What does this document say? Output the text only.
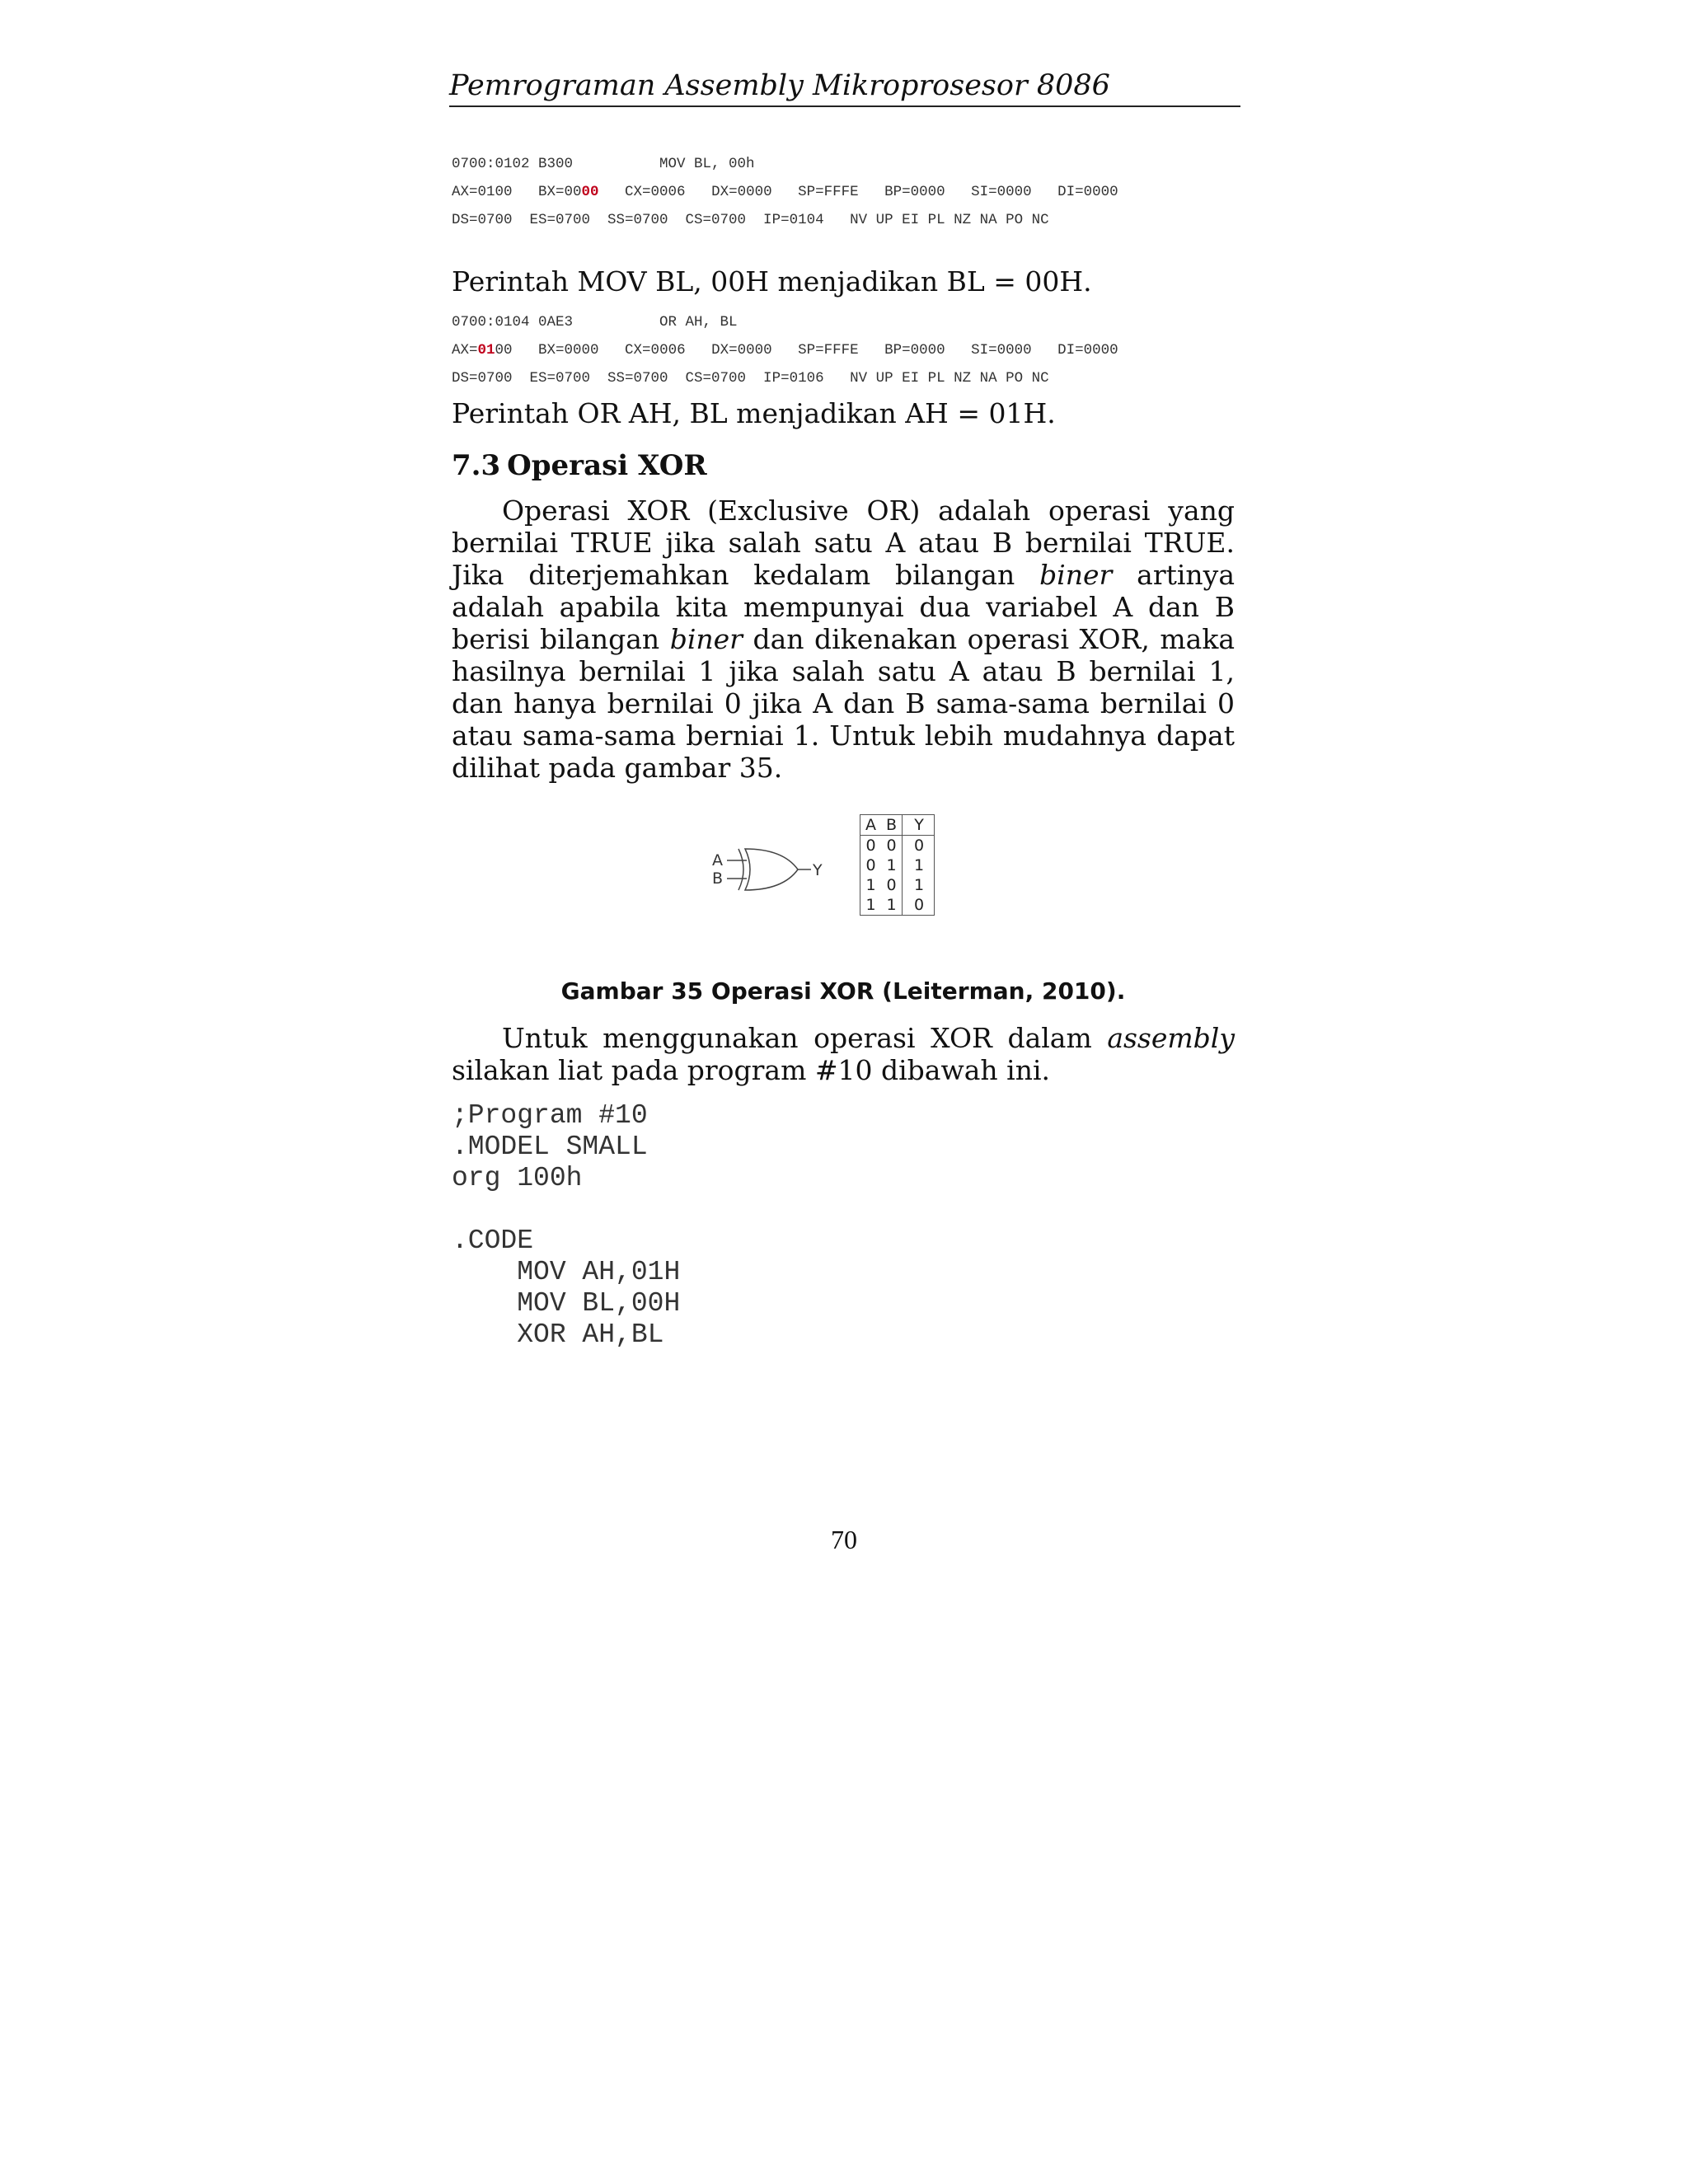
Pemrograman Assembly Mikroprosesor 8086
0700:0102 B300          MOV BL, 00h
AX=0100   BX=0000   CX=0006   DX=0000   SP=FFFE   BP=0000   SI=0000   DI=0000
DS=0700  ES=0700  SS=0700  CS=0700  IP=0104   NV UP EI PL NZ NA PO NC
Perintah MOV BL, 00H menjadikan BL = 00H.
0700:0104 0AE3          OR AH, BL
AX=0100   BX=0000   CX=0006   DX=0000   SP=FFFE   BP=0000   SI=0000   DI=0000
DS=0700  ES=0700  SS=0700  CS=0700  IP=0106   NV UP EI PL NZ NA PO NC
Perintah OR AH, BL menjadikan AH = 01H.
7.3 Operasi XOR
Operasi XOR (Exclusive OR) adalah operasi yang bernilai TRUE jika salah satu A atau B bernilai TRUE. Jika diterjemahkan kedalam bilangan biner artinya adalah apabila kita mempunyai dua variabel A dan B berisi bilangan biner dan dikenakan operasi XOR, maka hasilnya bernilai 1 jika salah satu A atau B bernilai 1, dan hanya bernilai 0 jika A dan B sama-sama bernilai 0 atau sama-sama berniai 1. Untuk lebih mudahnya dapat dilihat pada gambar 35.
A
B	Y
A	B	Y
0	0	0
0	1	1
1	0	1
1	1	0
Gambar 35 Operasi XOR (Leiterman, 2010).
Untuk menggunakan operasi XOR dalam assembly silakan liat pada program #10 dibawah ini.
;Program #10
.MODEL SMALL
org 100h
.CODE
MOV AH,01H
MOV BL,00H
XOR AH,BL
70
